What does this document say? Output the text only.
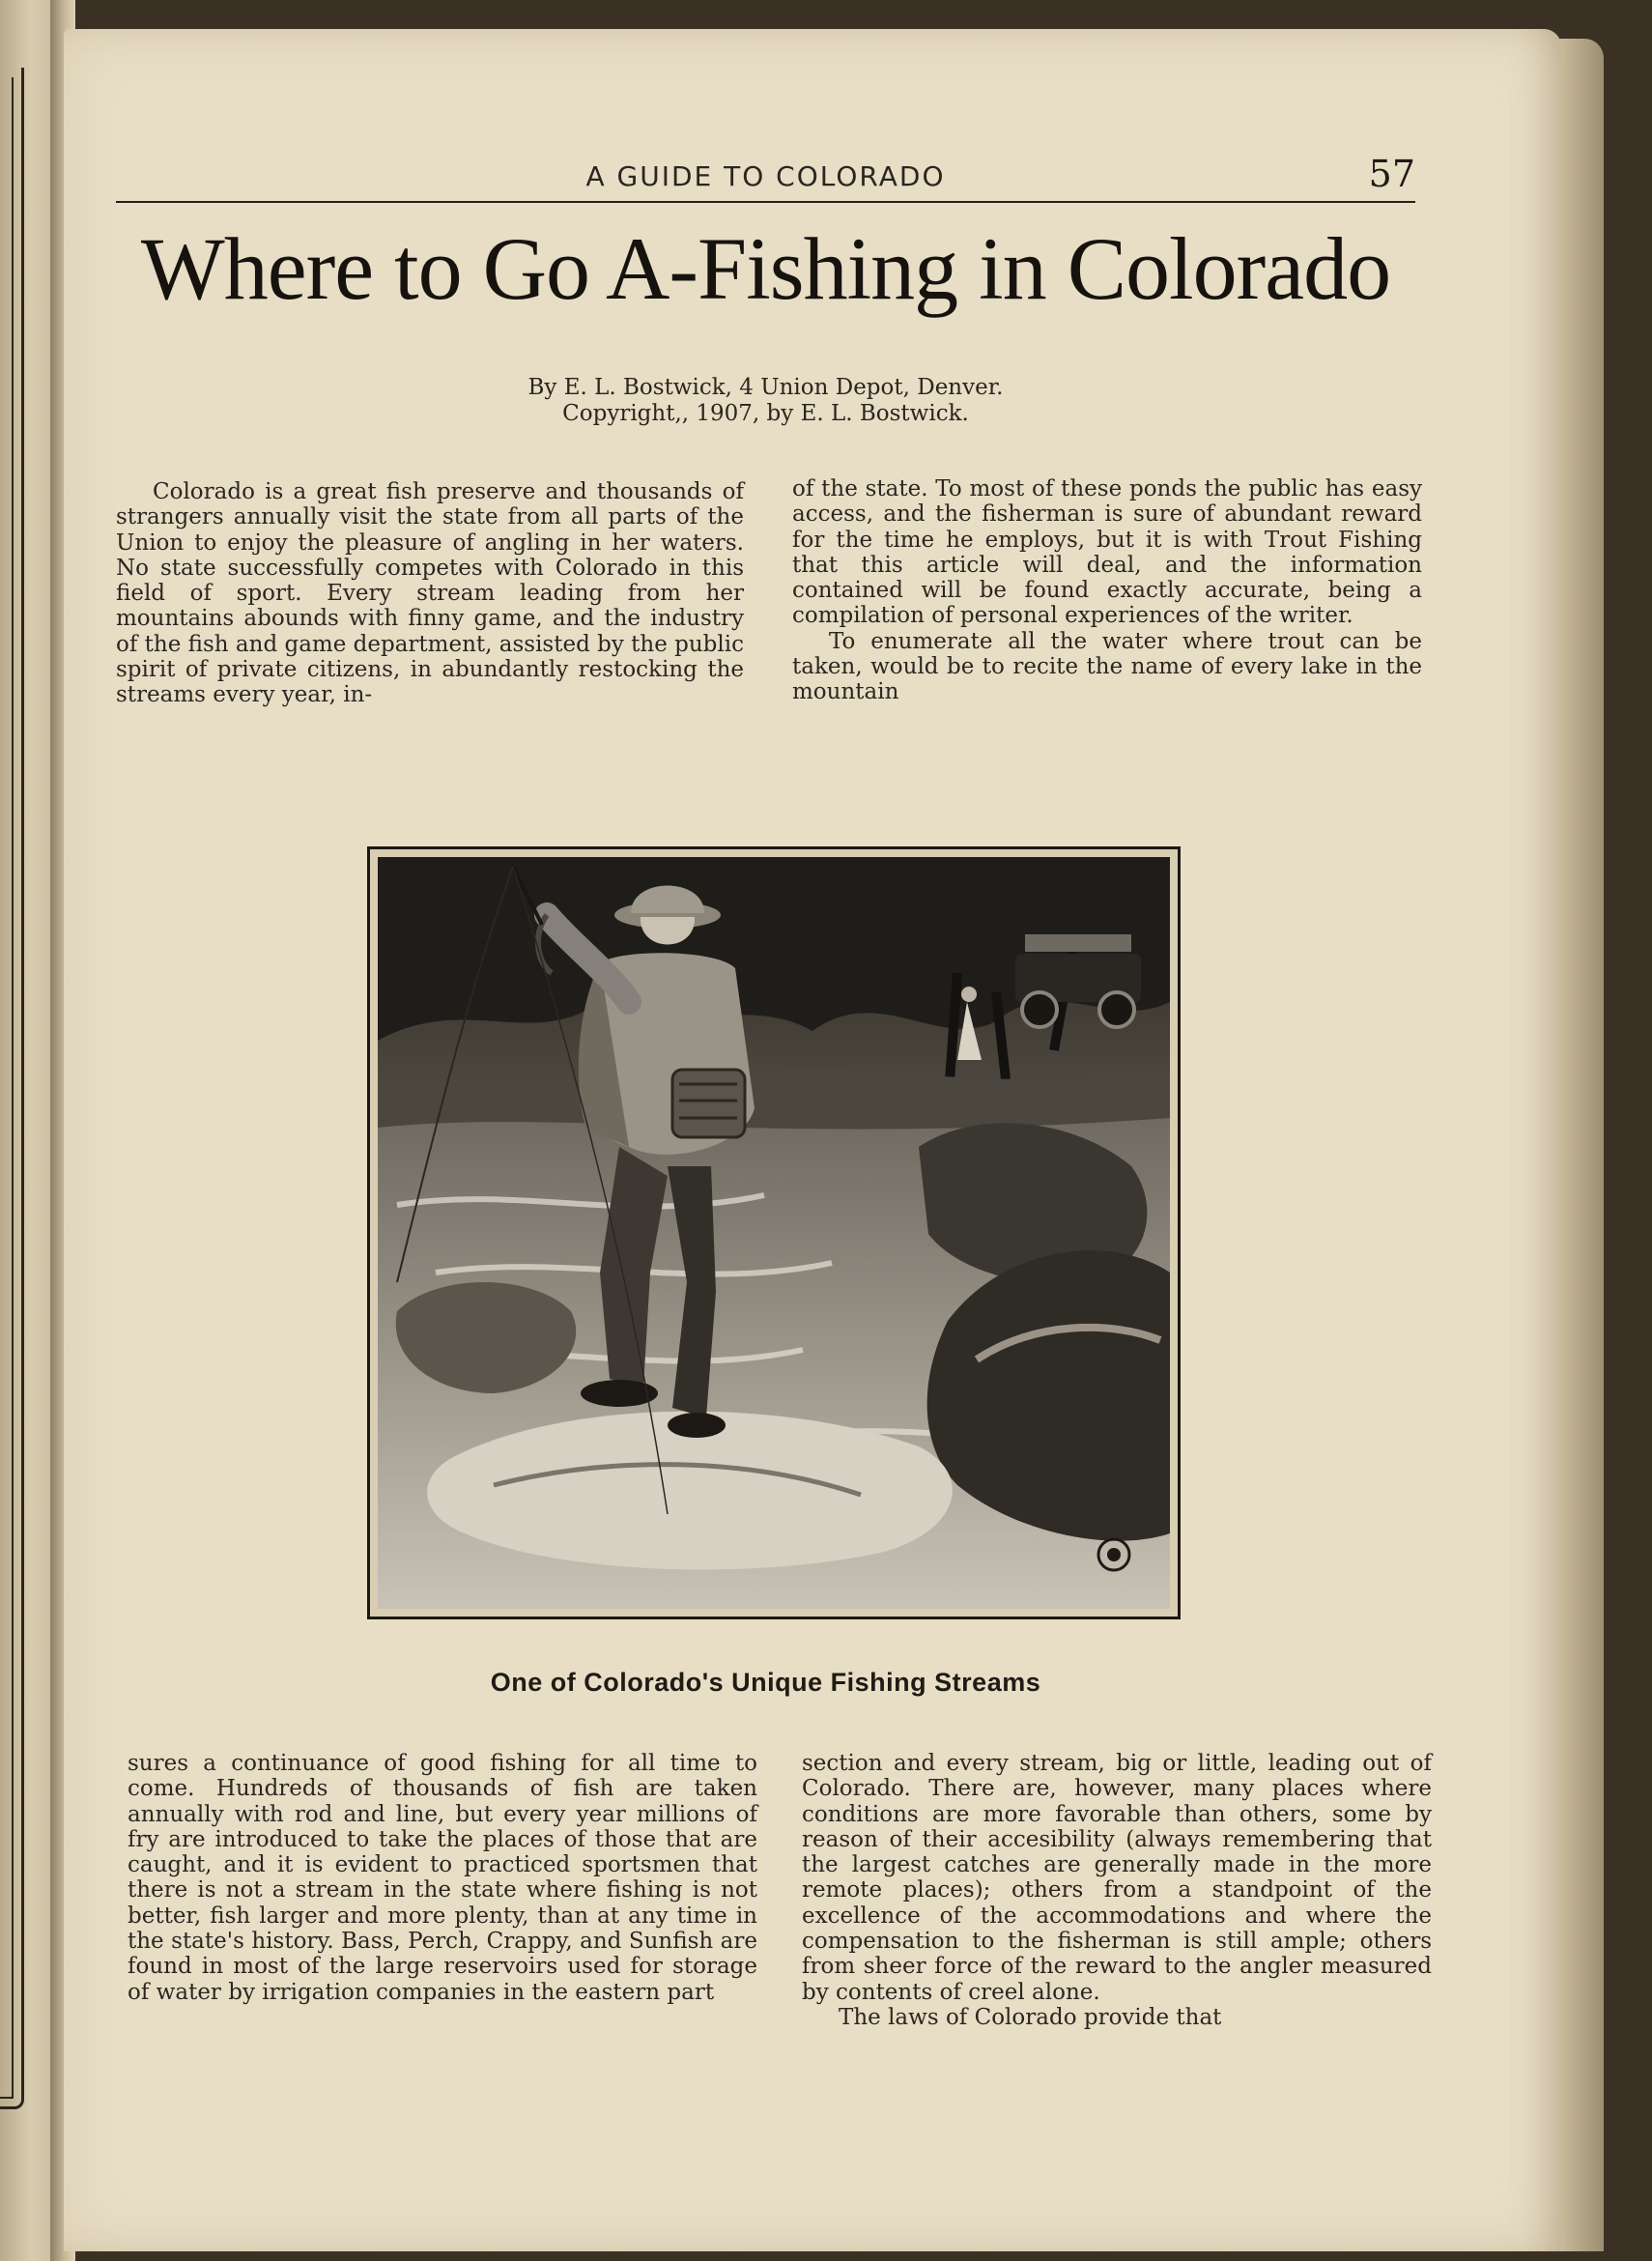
A GUIDE TO COLORADO	57
Where to Go A-Fishing in Colorado
By E. L. Bostwick, 4 Union Depot, Denver.
Copyright,, 1907, by E. L. Bostwick.

Colorado is a great fish preserve and thousands of strangers annually visit the state from all parts of the Union to enjoy the pleasure of angling in her waters. No state successfully competes with Colorado in this field of sport. Every stream leading from her mountains abounds with finny game, and the industry of the fish and game department, assisted by the public spirit of private citizens, in abundantly restocking the streams every year, in-

of the state. To most of these ponds the public has easy access, and the fisherman is sure of abundant reward for the time he employs, but it is with Trout Fishing that this article will deal, and the information contained will be found exactly accurate, being a compilation of personal experiences of the writer.

To enumerate all the water where trout can be taken, would be to recite the name of every lake in the mountain

One of Colorado's Unique Fishing Streams

sures a continuance of good fishing for all time to come. Hundreds of thousands of fish are taken annually with rod and line, but every year millions of fry are introduced to take the places of those that are caught, and it is evident to practiced sportsmen that there is not a stream in the state where fishing is not better, fish larger and more plenty, than at any time in the state's history. Bass, Perch, Crappy, and Sunfish are found in most of the large reservoirs used for storage of water by irrigation companies in the eastern part

section and every stream, big or little, leading out of Colorado. There are, however, many places where conditions are more favorable than others, some by reason of their accesibility (always remembering that the largest catches are generally made in the more remote places); others from a standpoint of the excellence of the accommodations and where the compensation to the fisherman is still ample; others from sheer force of the reward to the angler measured by contents of creel alone.

The laws of Colorado provide that
